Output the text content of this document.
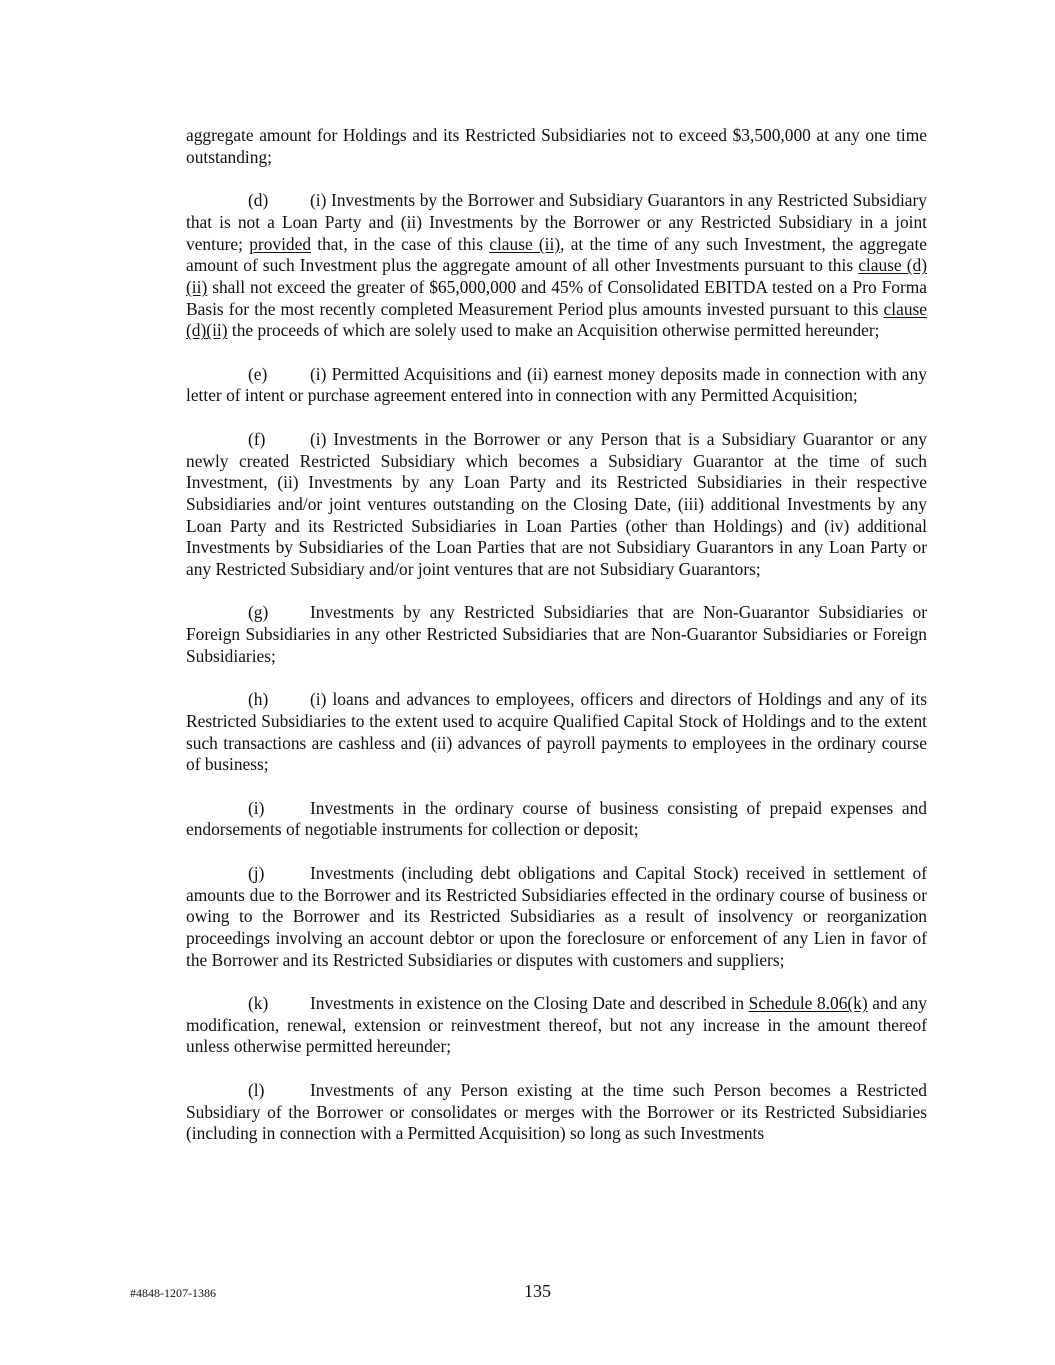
aggregate amount for Holdings and its Restricted Subsidiaries not to exceed $3,500,000 at any one time outstanding;

(d) (i) Investments by the Borrower and Subsidiary Guarantors in any Restricted Subsidiary that is not a Loan Party and (ii) Investments by the Borrower or any Restricted Subsidiary in a joint venture; provided that, in the case of this clause (ii), at the time of any such Investment, the aggregate amount of such Investment plus the aggregate amount of all other Investments pursuant to this clause (d)(ii) shall not exceed the greater of $65,000,000 and 45% of Consolidated EBITDA tested on a Pro Forma Basis for the most recently completed Measurement Period plus amounts invested pursuant to this clause (d)(ii) the proceeds of which are solely used to make an Acquisition otherwise permitted hereunder;

(e) (i) Permitted Acquisitions and (ii) earnest money deposits made in connection with any letter of intent or purchase agreement entered into in connection with any Permitted Acquisition;

(f)	(i) Investments in the Borrower or any Person that is a Subsidiary Guarantor or any newly created Restricted Subsidiary which becomes a Subsidiary Guarantor at the time of such Investment, (ii) Investments by any Loan Party and its Restricted Subsidiaries in their respective Subsidiaries and/or joint ventures outstanding on the Closing Date, (iii) additional Investments by any Loan Party and its Restricted Subsidiaries in Loan Parties (other than Holdings) and (iv) additional Investments by Subsidiaries of the Loan Parties that are not Subsidiary Guarantors in any Loan Party or any Restricted Subsidiary and/or joint ventures that are not Subsidiary Guarantors;

(g) Investments by any Restricted Subsidiaries that are Non-Guarantor Subsidiaries or Foreign Subsidiaries in any other Restricted Subsidiaries that are Non-Guarantor Subsidiaries or Foreign Subsidiaries;

(h) (i) loans and advances to employees, officers and directors of Holdings and any of its Restricted Subsidiaries to the extent used to acquire Qualified Capital Stock of Holdings and to the extent such transactions are cashless and (ii) advances of payroll payments to employees in the ordinary course of business;

(i)	Investments in the ordinary course of business consisting of prepaid expenses and endorsements of negotiable instruments for collection or deposit;

(j)	Investments (including debt obligations and Capital Stock) received in settlement of amounts due to the Borrower and its Restricted Subsidiaries effected in the ordinary course of business or owing to the Borrower and its Restricted Subsidiaries as a result of insolvency or reorganization proceedings involving an account debtor or upon the foreclosure or enforcement of any Lien in favor of the Borrower and its Restricted Subsidiaries or disputes with customers and suppliers;

(k) Investments in existence on the Closing Date and described in Schedule 8.06(k) and any modification, renewal, extension or reinvestment thereof, but not any increase in the amount thereof unless otherwise permitted hereunder;

(l)	Investments of any Person existing at the time such Person becomes a Restricted Subsidiary of the Borrower or consolidates or merges with the Borrower or its Restricted Subsidiaries (including in connection with a Permitted Acquisition) so long as such Investments

#4848-1207-1386	135
